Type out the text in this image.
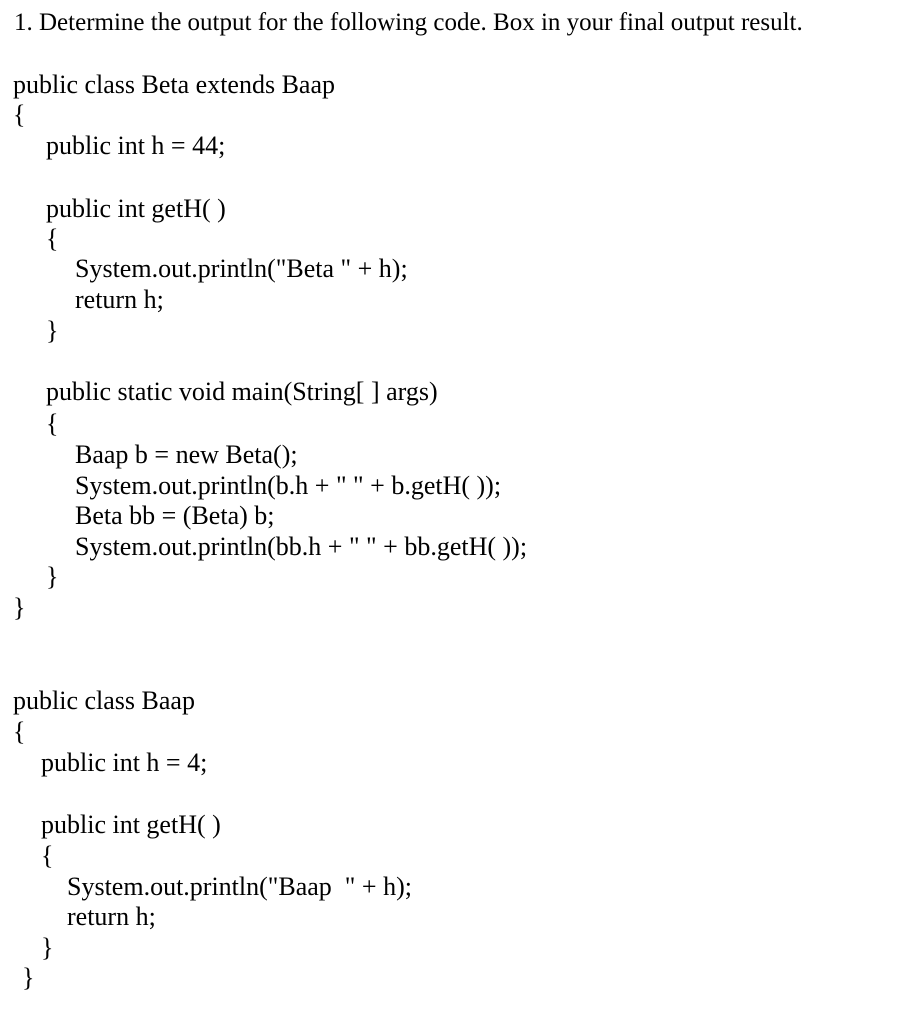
1. Determine the output for the following code. Box in your final output result.
public class Beta extends Baap
{
public int h = 44;
public int getH( )
{
System.out.println("Beta " + h);
return h;
}
public static void main(String[ ] args)
{
Baap b = new Beta();
System.out.println(b.h + " " + b.getH( ));
Beta bb = (Beta) b;
System.out.println(bb.h + " " + bb.getH( ));
}
}
public class Baap
{
public int h = 4;
public int getH( )
{
System.out.println("Baap  " + h);
return h;
}
}
